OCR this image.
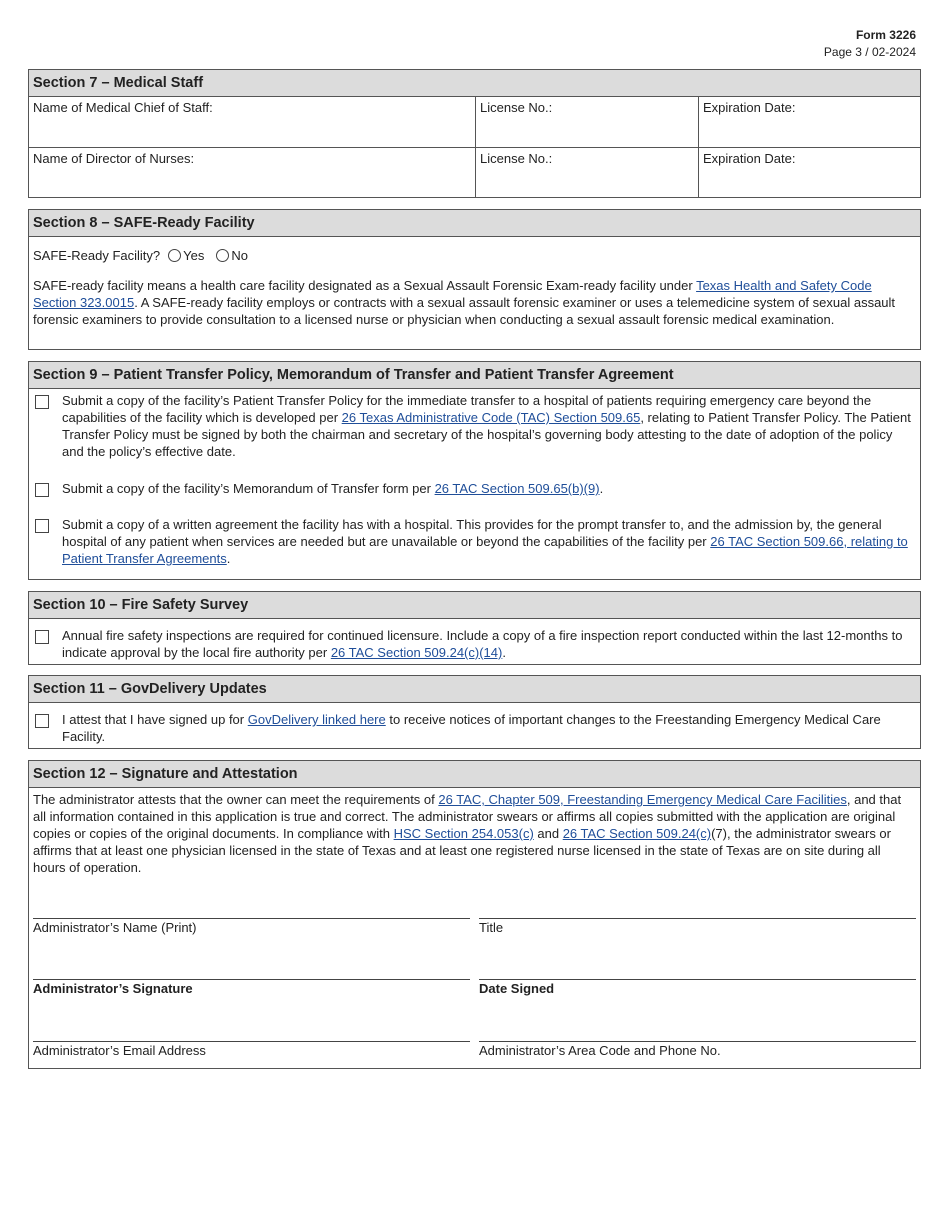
Form 3226
Page 3 / 02-2024
Section 7 – Medical Staff
Name of Medical Chief of Staff:	License No.:	Expiration Date:
Name of Director of Nurses:	License No.:	Expiration Date:
Section 8 – SAFE-Ready Facility
SAFE-Ready Facility? Yes No
SAFE-ready facility means a health care facility designated as a Sexual Assault Forensic Exam-ready facility under Texas Health and Safety Code Section 323.0015. A SAFE-ready facility employs or contracts with a sexual assault forensic examiner or uses a telemedicine system of sexual assault forensic examiners to provide consultation to a licensed nurse or physician when conducting a sexual assault forensic medical examination.
Section 9 – Patient Transfer Policy, Memorandum of Transfer and Patient Transfer Agreement
Submit a copy of the facility’s Patient Transfer Policy for the immediate transfer to a hospital of patients requiring emergency care beyond the capabilities of the facility which is developed per 26 Texas Administrative Code (TAC) Section 509.65, relating to Patient Transfer Policy. The Patient Transfer Policy must be signed by both the chairman and secretary of the hospital’s governing body attesting to the date of adoption of the policy and the policy’s effective date.
Submit a copy of the facility’s Memorandum of Transfer form per 26 TAC Section 509.65(b)(9).
Submit a copy of a written agreement the facility has with a hospital. This provides for the prompt transfer to, and the admission by, the general hospital of any patient when services are needed but are unavailable or beyond the capabilities of the facility per 26 TAC Section 509.66, relating to Patient Transfer Agreements.
Section 10 – Fire Safety Survey
Annual fire safety inspections are required for continued licensure. Include a copy of a fire inspection report conducted within the last 12-months to indicate approval by the local fire authority per 26 TAC Section 509.24(c)(14).
Section 11 – GovDelivery Updates
I attest that I have signed up for GovDelivery linked here to receive notices of important changes to the Freestanding Emergency Medical Care Facility.
Section 12 – Signature and Attestation
The administrator attests that the owner can meet the requirements of 26 TAC, Chapter 509, Freestanding Emergency Medical Care Facilities, and that all information contained in this application is true and correct. The administrator swears or affirms all copies submitted with the application are original copies or copies of the original documents. In compliance with HSC Section 254.053(c) and 26 TAC Section 509.24(c)(7), the administrator swears or affirms that at least one physician licensed in the state of Texas and at least one registered nurse licensed in the state of Texas are on site during all hours of operation.
Administrator’s Name (Print)	Title
Administrator’s Signature	Date Signed
Administrator’s Email Address	Administrator’s Area Code and Phone No.
